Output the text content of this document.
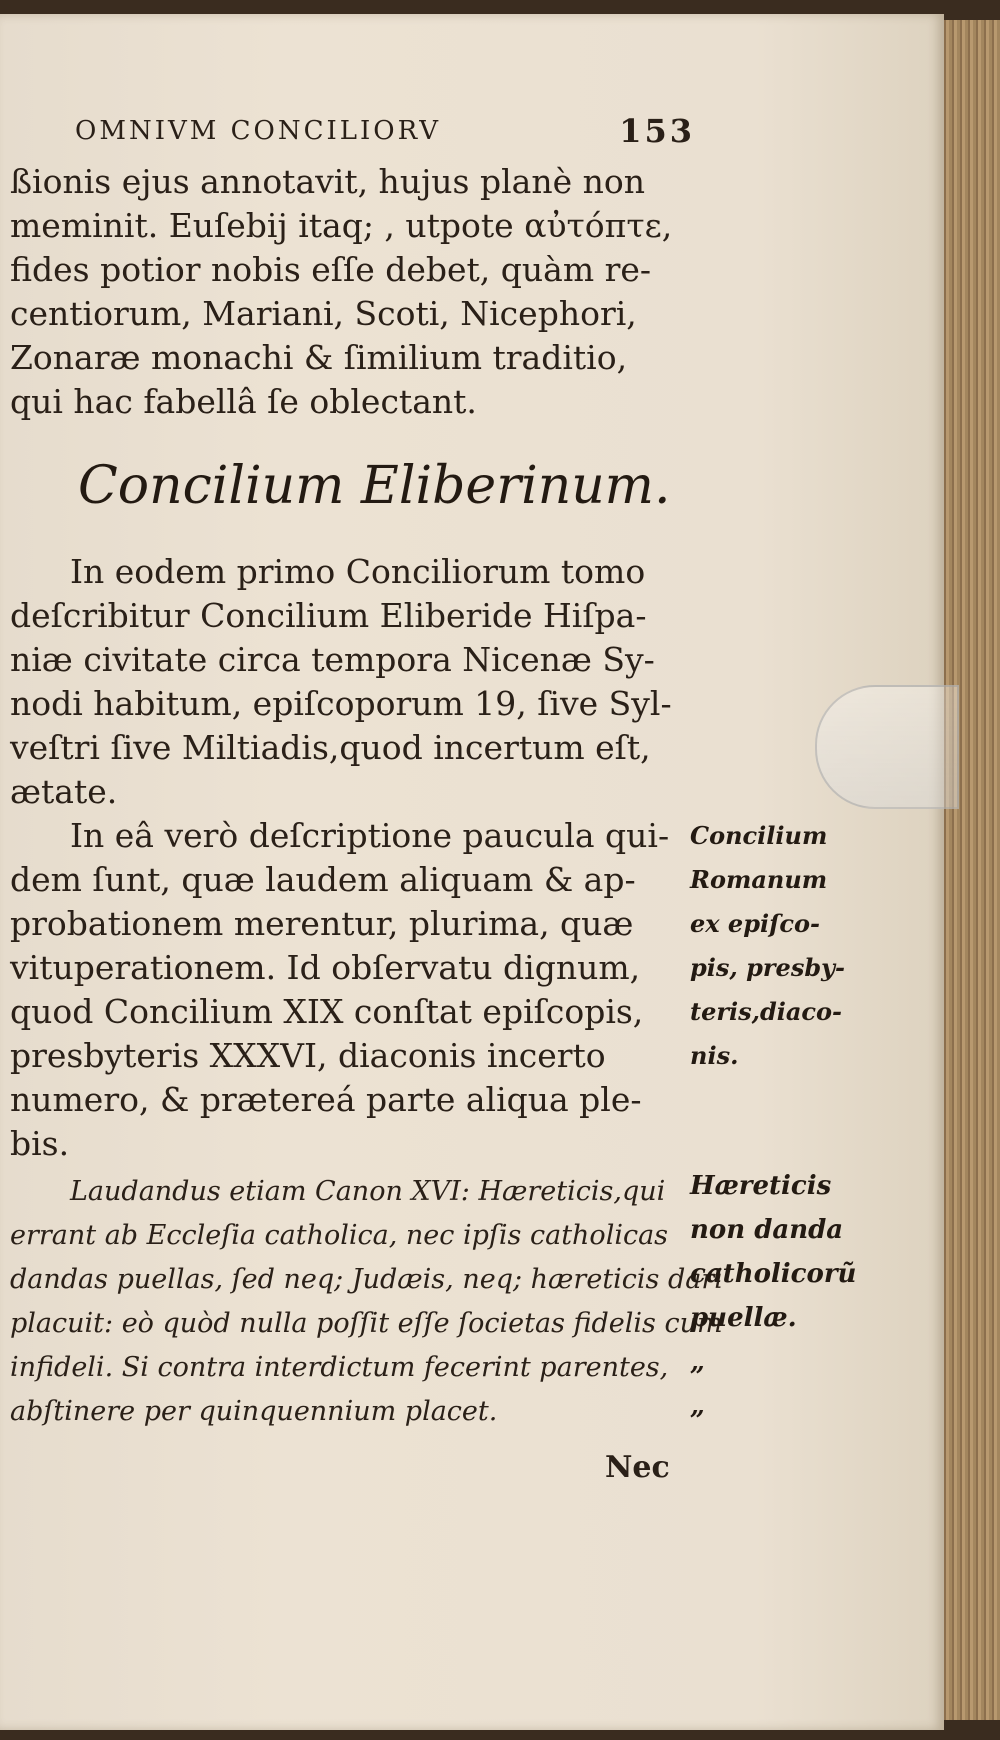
OMNIVM CONCILIORV	153
ßionis ejus annotavit, hujus planè non
meminit. Euſebij itaq; , utpote αὐτόπτε,
fides potior nobis eſſe debet, quàm re-
centiorum, Mariani, Scoti, Nicephori,
Zonaræ monachi & ſimilium traditio,
qui hac fabellâ ſe oblectant.
Concilium Eliberinum.
In eodem primo Conciliorum tomo
deſcribitur Concilium Eliberide Hiſpa-
niæ civitate circa tempora Nicenæ Sy-
nodi habitum, epiſcoporum 19, ſive Syl-
veſtri ſive Miltiadis,quod incertum eſt,
ætate.
In eâ verò deſcriptione paucula qui-
dem ſunt, quæ laudem aliquam & ap-
probationem merentur, plurima, quæ
vituperationem. Id obſervatu dignum,
quod Concilium XIX conſtat epiſcopis,
presbyteris XXXVI, diaconis incerto
numero, & prætereá parte aliqua ple-
bis.
Concilium
Romanum
ex epiſco-
pis, presby-
teris,diaco-
nis.
Laudandus etiam Canon XVI: Hæreticis,qui
errant ab Eccleſia catholica, nec ipſis catholicas
dandas puellas, ſed neq; Judæis, neq; hæreticis dari
placuit: eò quòd nulla poſſit eſſe ſocietas fidelis cum
infideli. Si contra interdictum fecerint parentes,
abſtinere per quinquennium placet.
Hæreticis
non danda
catholicorũ
puellæ.
„
„
Nec
